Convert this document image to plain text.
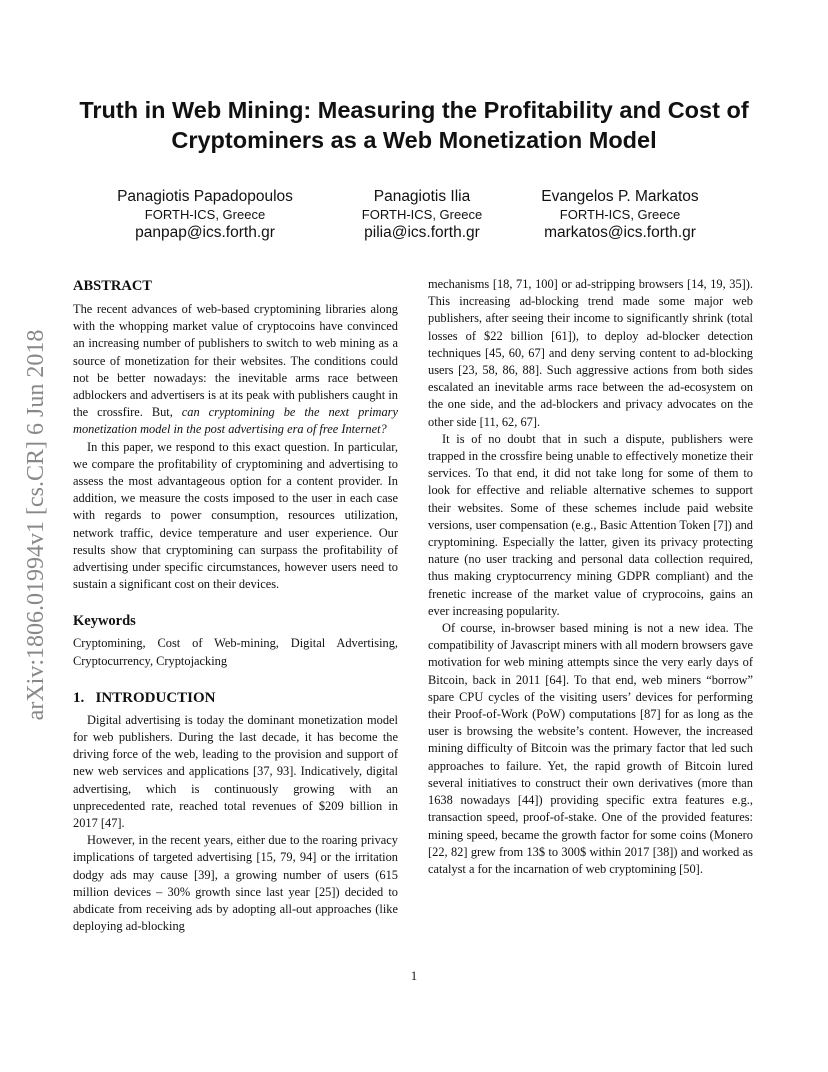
Truth in Web Mining: Measuring the Profitability and Cost of Cryptominers as a Web Monetization Model
Panagiotis Papadopoulos
FORTH-ICS, Greece
panpap@ics.forth.gr
Panagiotis Ilia
FORTH-ICS, Greece
pilia@ics.forth.gr
Evangelos P. Markatos
FORTH-ICS, Greece
markatos@ics.forth.gr
arXiv:1806.01994v1 [cs.CR] 6 Jun 2018
ABSTRACT

The recent advances of web-based cryptomining libraries along with the whopping market value of cryptocoins have convinced an increasing number of publishers to switch to web mining as a source of monetization for their websites. The conditions could not be better nowadays: the inevitable arms race between adblockers and advertisers is at its peak with publishers caught in the crossfire. But, can cryptomining be the next primary monetization model in the post advertising era of free Internet?

In this paper, we respond to this exact question. In particular, we compare the profitability of cryptomining and advertising to assess the most advantageous option for a content provider. In addition, we measure the costs imposed to the user in each case with regards to power consumption, resources utilization, network traffic, device temperature and user experience. Our results show that cryptomining can surpass the profitability of advertising under specific circumstances, however users need to sustain a significant cost on their devices.

Keywords

Cryptomining, Cost of Web-mining, Digital Advertising, Cryptocurrency, Cryptojacking

1.   INTRODUCTION

Digital advertising is today the dominant monetization model for web publishers. During the last decade, it has become the driving force of the web, leading to the provision and support of new web services and applications [37, 93]. Indicatively, digital advertising, which is continuously growing with an unprecedented rate, reached total revenues of $209 billion in 2017 [47].

However, in the recent years, either due to the roaring privacy implications of targeted advertising [15, 79, 94] or the irritation dodgy ads may cause [39], a growing number of users (615 million devices – 30% growth since last year [25]) decided to abdicate from receiving ads by adopting all-out approaches (like deploying ad-blocking

mechanisms [18, 71, 100] or ad-stripping browsers [14, 19, 35]). This increasing ad-blocking trend made some major web publishers, after seeing their income to significantly shrink (total losses of $22 billion [61]), to deploy ad-blocker detection techniques [45, 60, 67] and deny serving content to ad-blocking users [23, 58, 86, 88]. Such aggressive actions from both sides escalated an inevitable arms race between the ad-ecosystem on the one side, and the ad-blockers and privacy advocates on the other side [11, 62, 67].

It is of no doubt that in such a dispute, publishers were trapped in the crossfire being unable to effectively monetize their services. To that end, it did not take long for some of them to look for effective and reliable alternative schemes to support their websites. Some of these schemes include paid website versions, user compensation (e.g., Basic Attention Token [7]) and cryptomining. Especially the latter, given its privacy protecting nature (no user tracking and personal data collection required, thus making cryptocurrency mining GDPR compliant) and the frenetic increase of the market value of cryprocoins, gains an ever increasing popularity.

Of course, in-browser based mining is not a new idea. The compatibility of Javascript miners with all modern browsers gave motivation for web mining attempts since the very early days of Bitcoin, back in 2011 [64]. To that end, web miners “borrow” spare CPU cycles of the visiting users’ devices for performing their Proof-of-Work (PoW) computations [87] for as long as the user is browsing the website’s content. However, the increased mining difficulty of Bitcoin was the primary factor that led such approaches to failure. Yet, the rapid growth of Bitcoin lured several initiatives to construct their own derivatives (more than 1638 nowadays [44]) providing specific extra features e.g., transaction speed, proof-of-stake. One of the provided features: mining speed, became the growth factor for some coins (Monero [22, 82] grew from 13$ to 300$ within 2017 [38]) and worked as catalyst a for the incarnation of web cryptomining [50].

1
